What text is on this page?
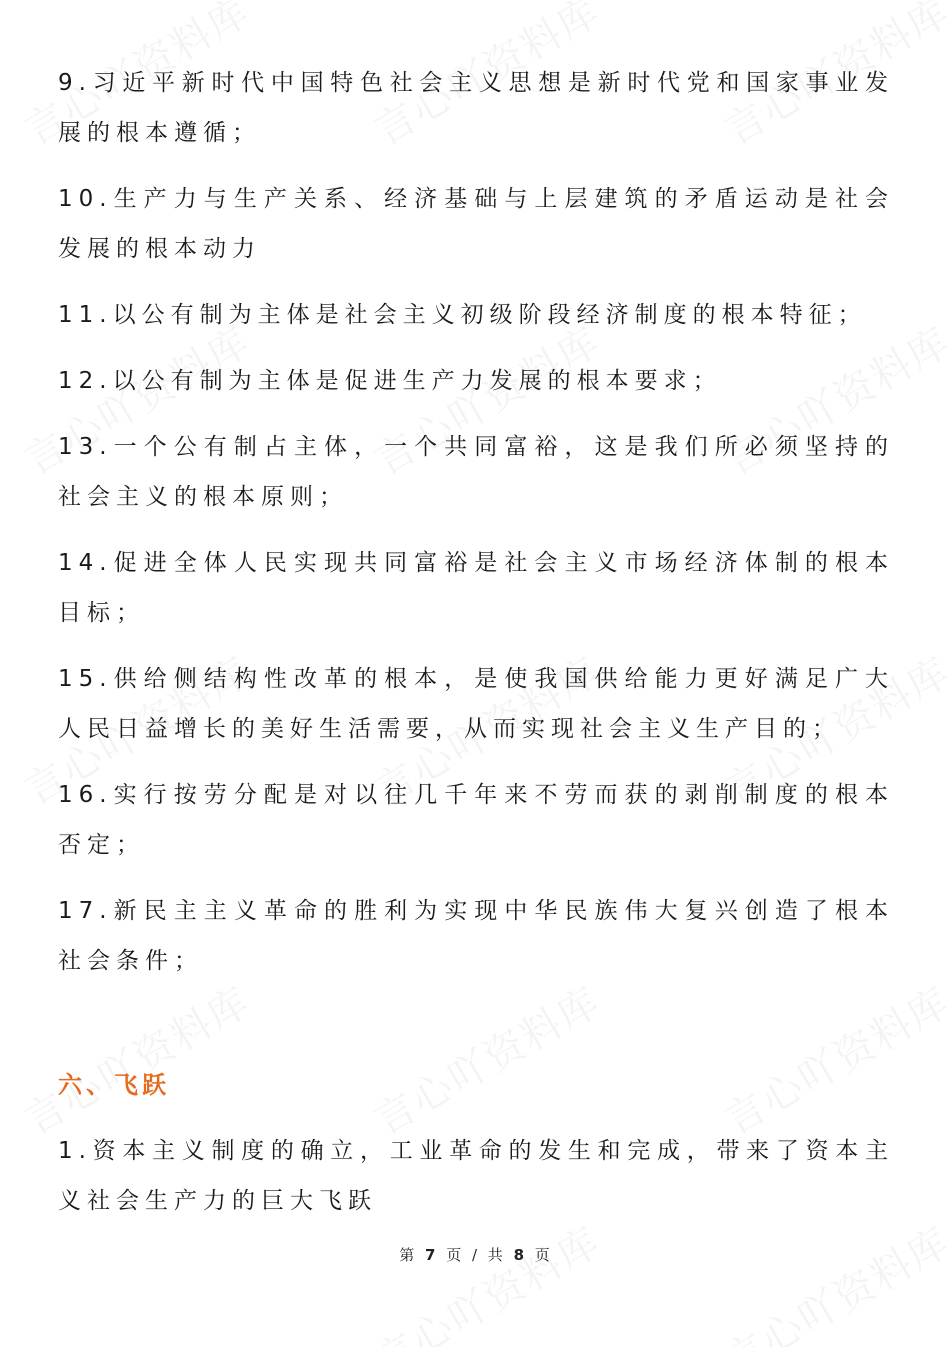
9.习近平新时代中国特色社会主义思想是新时代党和国家事业发展的根本遵循；

10.生产力与生产关系、经济基础与上层建筑的矛盾运动是社会发展的根本动力

11.以公有制为主体是社会主义初级阶段经济制度的根本特征；

12.以公有制为主体是促进生产力发展的根本要求；

13.一个公有制占主体，一个共同富裕，这是我们所必须坚持的社会主义的根本原则；

14.促进全体人民实现共同富裕是社会主义市场经济体制的根本目标；

15.供给侧结构性改革的根本，是使我国供给能力更好满足广大人民日益增长的美好生活需要，从而实现社会主义生产目的；

16.实行按劳分配是对以往几千年来不劳而获的剥削制度的根本否定；

17.新民主主义革命的胜利为实现中华民族伟大复兴创造了根本社会条件；

六、飞跃

1.资本主义制度的确立，工业革命的发生和完成，带来了资本主义社会生产力的巨大飞跃

第 7 页 / 共 8 页
